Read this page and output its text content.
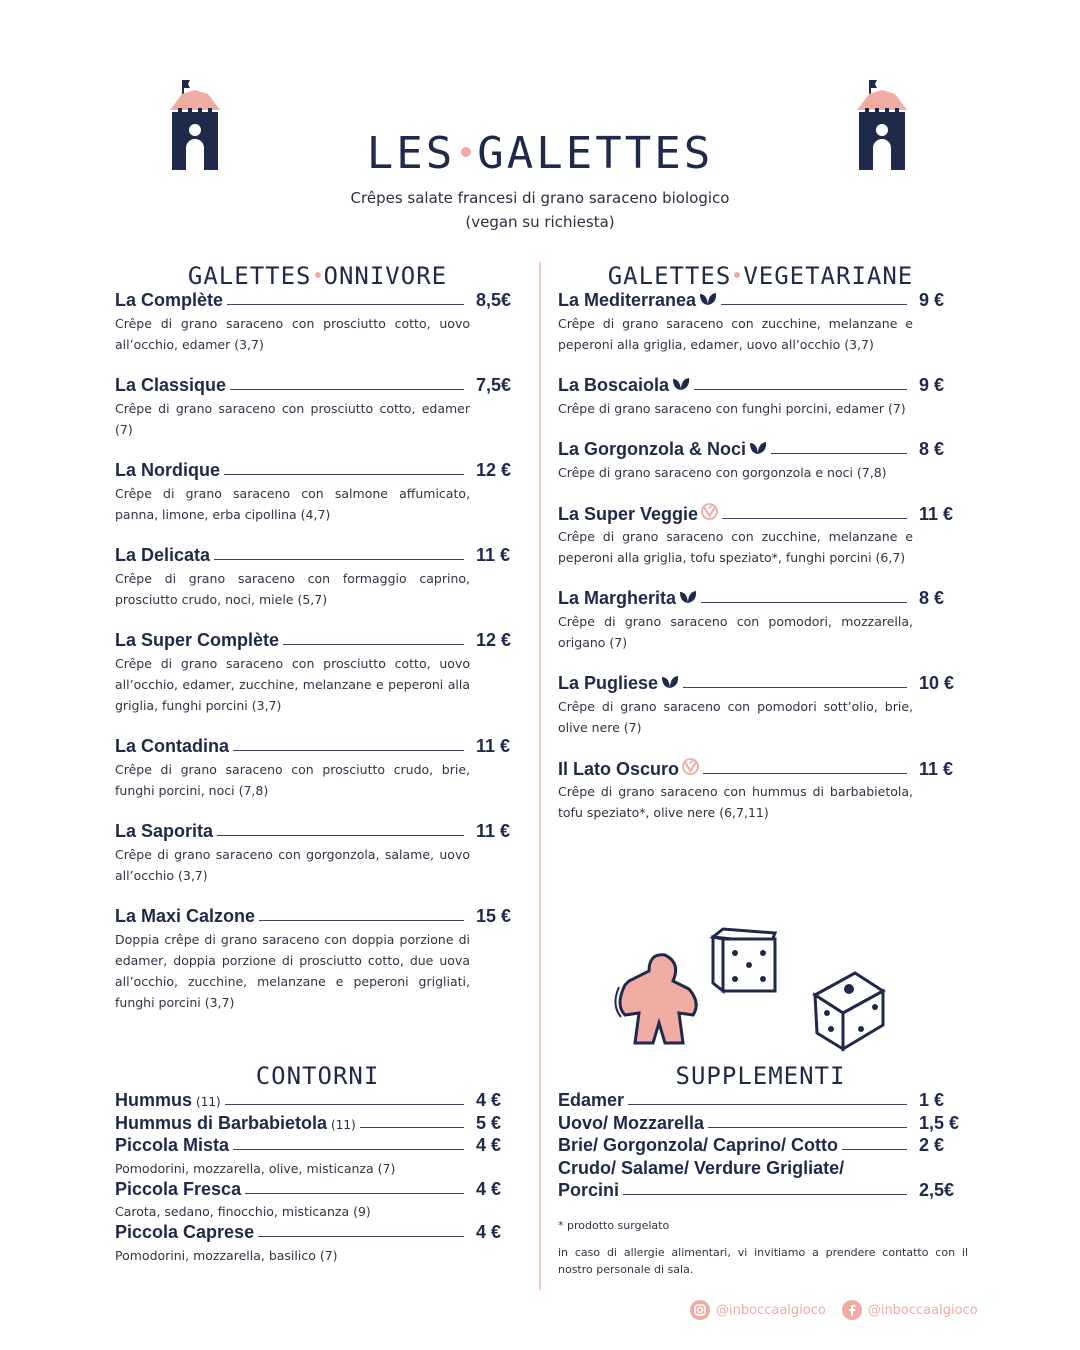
LES GALETTES
Crêpes salate francesi di grano saraceno biologico
(vegan su richiesta)
GALETTES ONNIVORE
La Complète	8,5€
Crêpe di grano saraceno con prosciutto cotto, uovo all’occhio, edamer (3,7)
La Classique	7,5€
Crêpe di grano saraceno con prosciutto cotto, edamer (7)
La Nordique	12 €
Crêpe di grano saraceno con salmone affumicato, panna, limone, erba cipollina (4,7)
La Delicata	11 €
Crêpe di grano saraceno con formaggio caprino, prosciutto crudo, noci, miele (5,7)
La Super Complète	12 €
Crêpe di grano saraceno con prosciutto cotto, uovo all’occhio, edamer, zucchine, melanzane e peperoni alla griglia, funghi porcini (3,7)
La Contadina	11 €
Crêpe di grano saraceno con prosciutto crudo, brie, funghi porcini, noci (7,8)
La Saporita	11 €
Crêpe di grano saraceno con gorgonzola, salame, uovo all’occhio (3,7)
La Maxi Calzone	15 €
Doppia crêpe di grano saraceno con doppia porzione di edamer, doppia porzione di prosciutto cotto, due uova all’occhio, zucchine, melanzane e peperoni grigliati, funghi porcini (3,7)
GALETTES VEGETARIANE
La Mediterranea	9 €
Crêpe di grano saraceno con zucchine, melanzane e peperoni alla griglia, edamer, uovo all’occhio (3,7)
La Boscaiola	9 €
Crêpe di grano saraceno con funghi porcini, edamer (7)
La Gorgonzola & Noci	8 €
Crêpe di grano saraceno con gorgonzola e noci (7,8)
La Super Veggie	11 €
Crêpe di grano saraceno con zucchine, melanzane e peperoni alla griglia, tofu speziato*, funghi porcini (6,7)
La Margherita	8 €
Crêpe di grano saraceno con pomodori, mozzarella, origano (7)
La Pugliese	10 €
Crêpe di grano saraceno con pomodori sott’olio, brie, olive nere (7)
Il Lato Oscuro	11 €
Crêpe di grano saraceno con hummus di barbabietola, tofu speziato*, olive nere (6,7,11)
CONTORNI
Hummus (11)	4 €
Hummus di Barbabietola (11)	5 €
Piccola Mista	4 €
Pomodorini, mozzarella, olive, misticanza (7)
Piccola Fresca	4 €
Carota, sedano, finocchio, misticanza (9)
Piccola Caprese	4 €
Pomodorini, mozzarella, basilico (7)
SUPPLEMENTI
Edamer	1 €
Uovo/ Mozzarella	1,5 €
Brie/ Gorgonzola/ Caprino/ Cotto	2 €
Crudo/ Salame/ Verdure Grigliate/
Porcini	2,5€
* prodotto surgelato
in caso di allergie alimentari, vi invitiamo a prendere contatto con il nostro personale di sala.
@inboccaalgioco	@inboccaalgioco
